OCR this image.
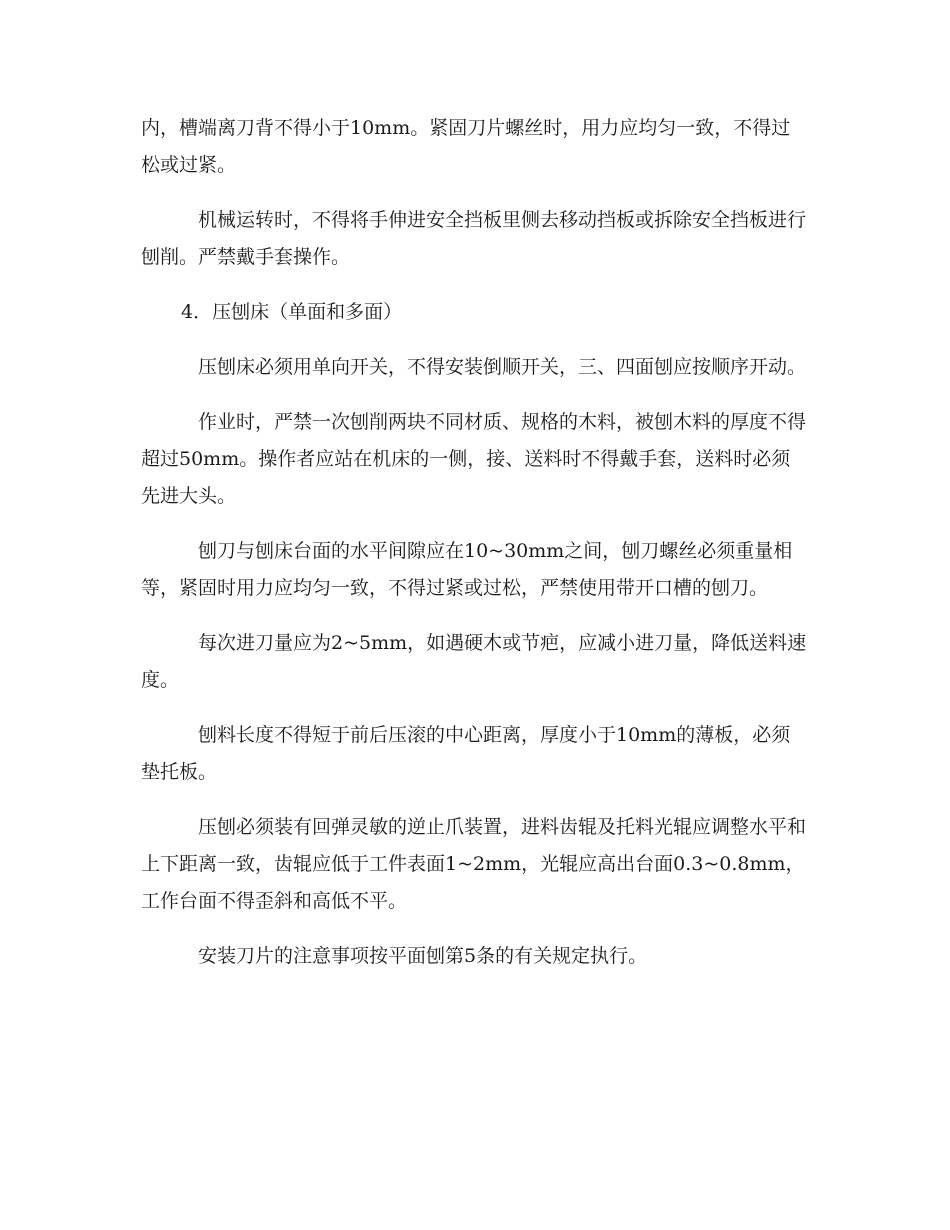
内，槽端离刀背不得小于10mm。紧固刀片螺丝时，用力应均匀一致，不得过松或过紧。

机械运转时，不得将手伸进安全挡板里侧去移动挡板或拆除安全挡板进行刨削。严禁戴手套操作。

4．压刨床（单面和多面）

压刨床必须用单向开关，不得安装倒顺开关，三、四面刨应按顺序开动。

作业时，严禁一次刨削两块不同材质、规格的木料，被刨木料的厚度不得超过50mm。操作者应站在机床的一侧，接、送料时不得戴手套，送料时必须先进大头。

刨刀与刨床台面的水平间隙应在10~30mm之间，刨刀螺丝必须重量相等，紧固时用力应均匀一致，不得过紧或过松，严禁使用带开口槽的刨刀。

每次进刀量应为2~5mm，如遇硬木或节疤，应减小进刀量，降低送料速度。

刨料长度不得短于前后压滚的中心距离，厚度小于10mm的薄板，必须垫托板。

压刨必须装有回弹灵敏的逆止爪装置，进料齿辊及托料光辊应调整水平和上下距离一致，齿辊应低于工件表面1~2mm，光辊应高出台面0.3~0.8mm，工作台面不得歪斜和高低不平。

安装刀片的注意事项按平面刨第5条的有关规定执行。
